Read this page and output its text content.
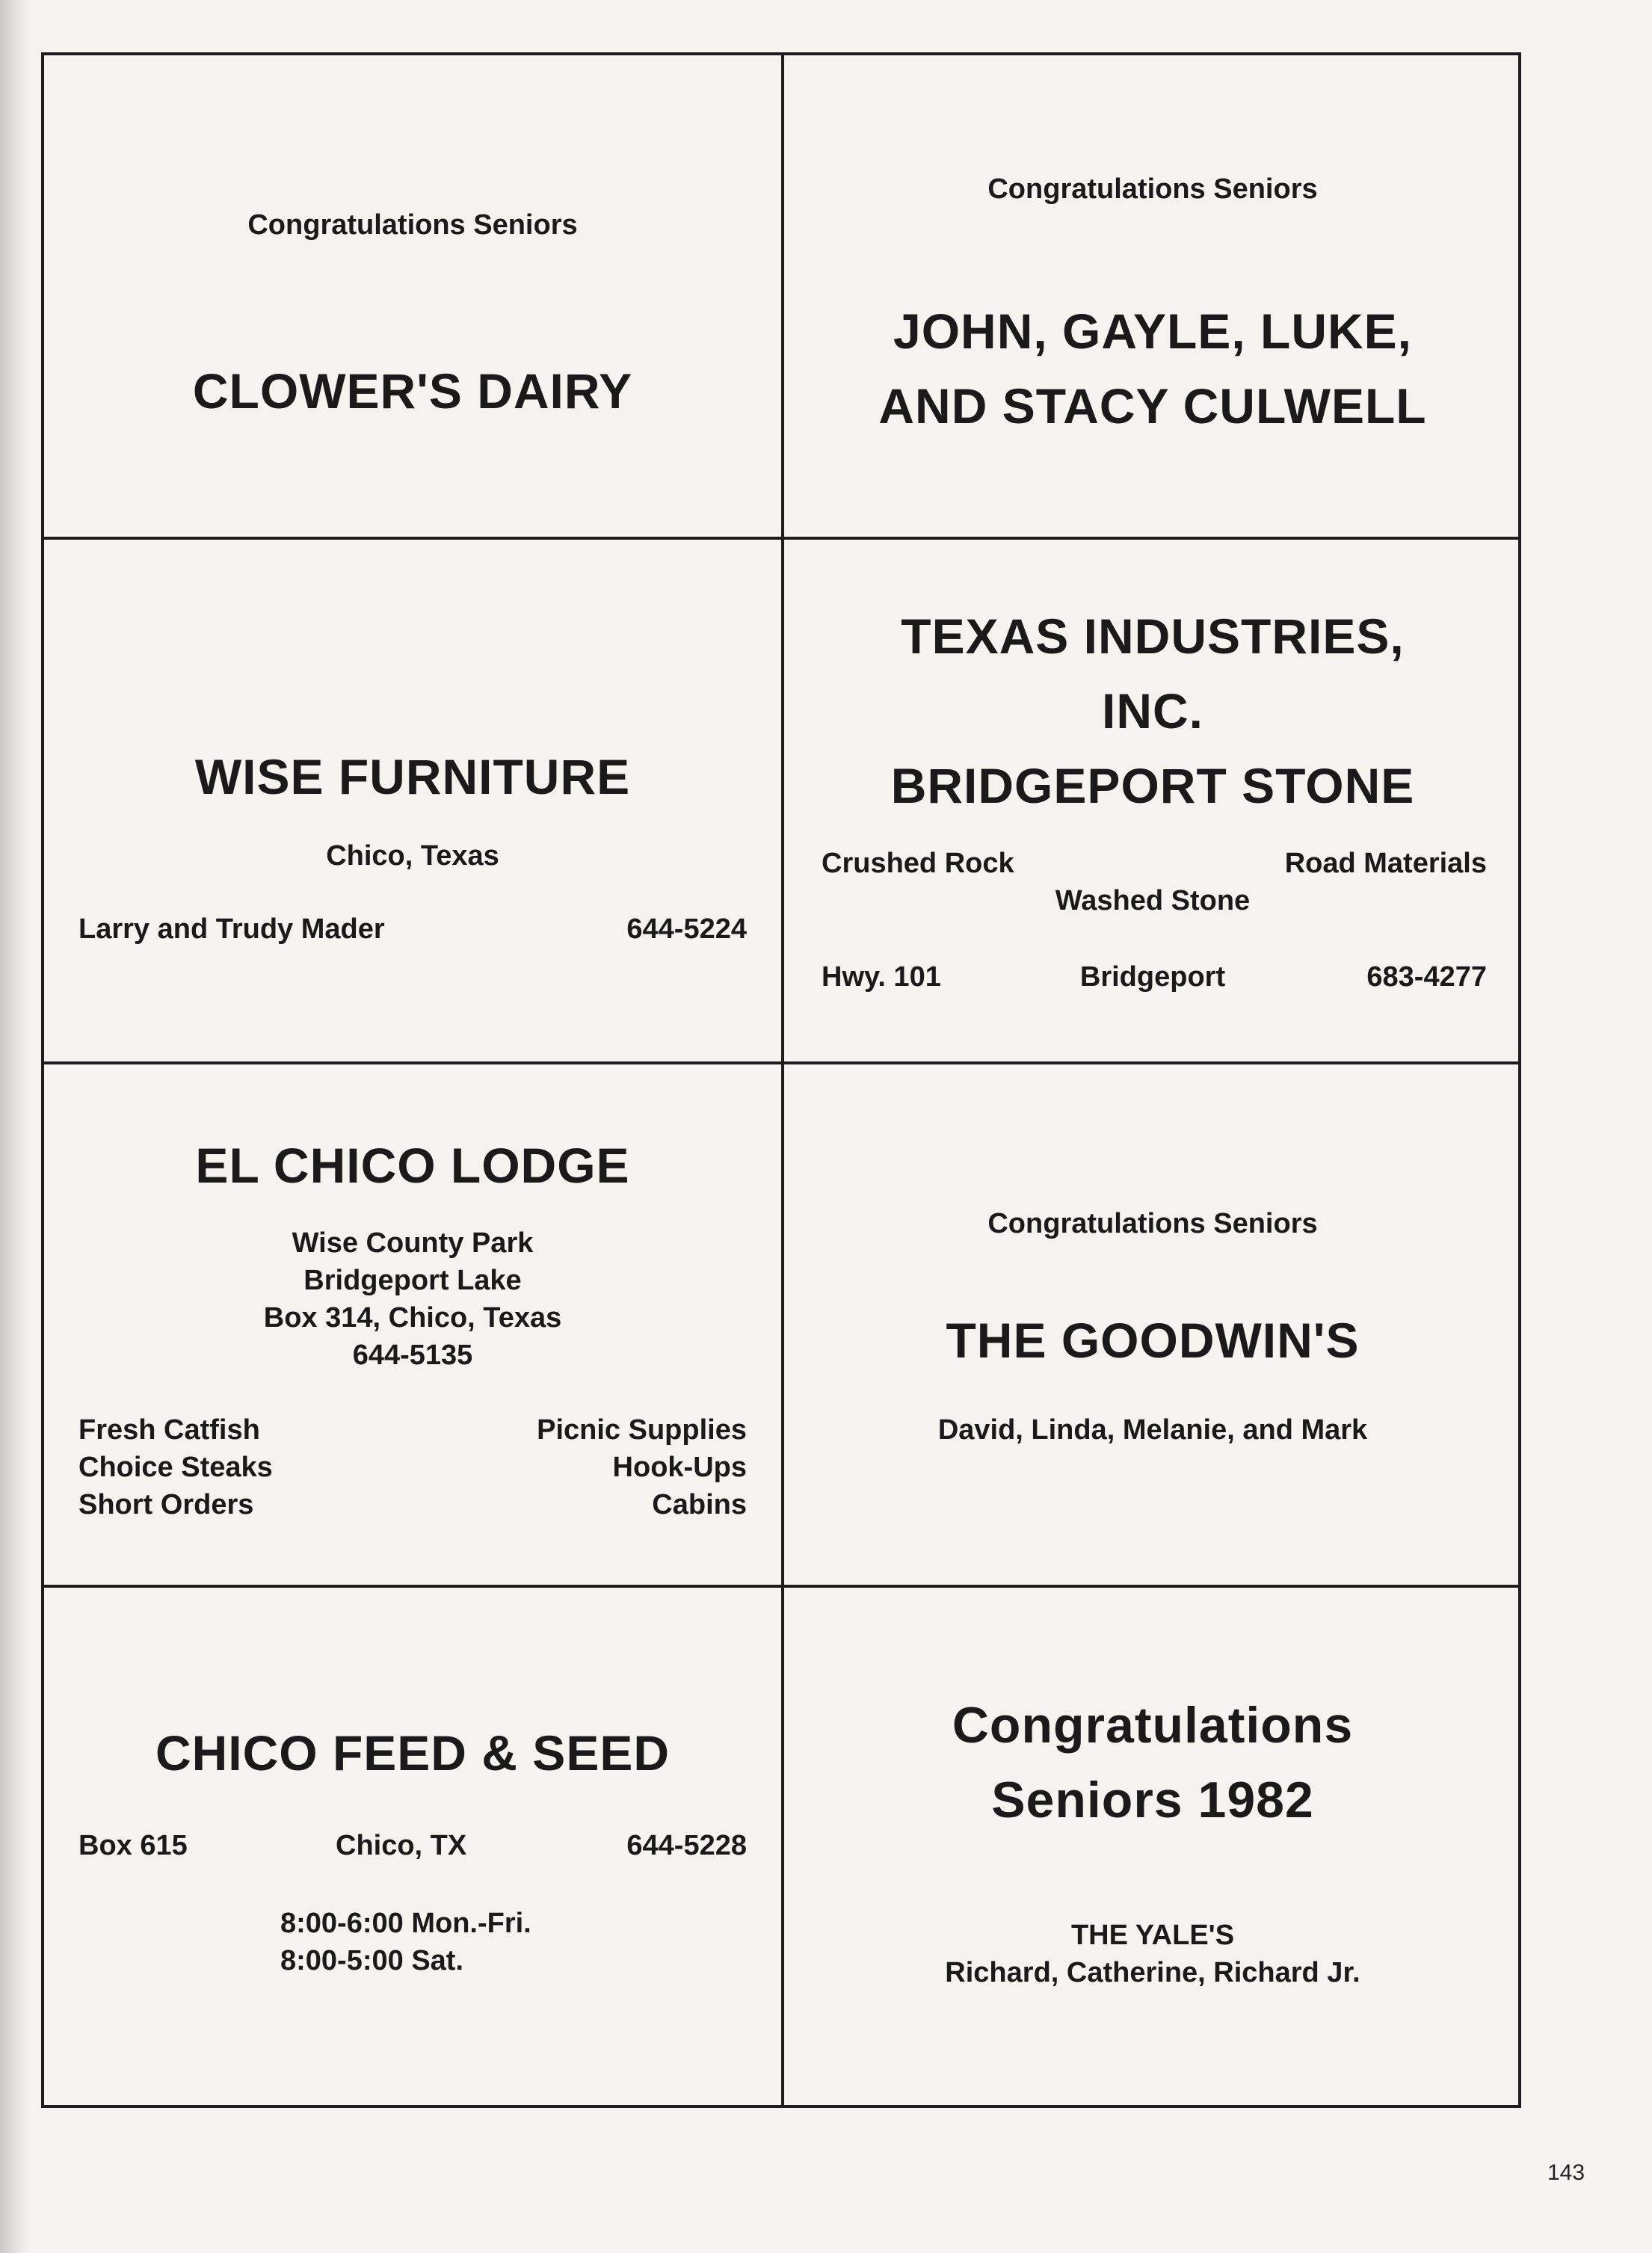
Congratulations Seniors
CLOWER'S DAIRY
Congratulations Seniors
JOHN, GAYLE, LUKE,
AND STACY CULWELL
WISE FURNITURE
Chico, Texas
Larry and Trudy Mader	644-5224
TEXAS INDUSTRIES,
INC.
BRIDGEPORT STONE
Crushed Rock	Road Materials
Washed Stone
Hwy. 101	Bridgeport	683-4277
EL CHICO LODGE
Wise County Park
Bridgeport Lake
Box 314, Chico, Texas
644-5135
Fresh Catfish
Choice Steaks
Short Orders
Picnic Supplies
Hook-Ups
Cabins
Congratulations Seniors
THE GOODWIN'S
David, Linda, Melanie, and Mark
CHICO FEED & SEED
Box 615	Chico, TX	644-5228
8:00-6:00 Mon.-Fri.
8:00-5:00 Sat.
Congratulations
Seniors 1982
THE YALE'S
Richard, Catherine, Richard Jr.
143
